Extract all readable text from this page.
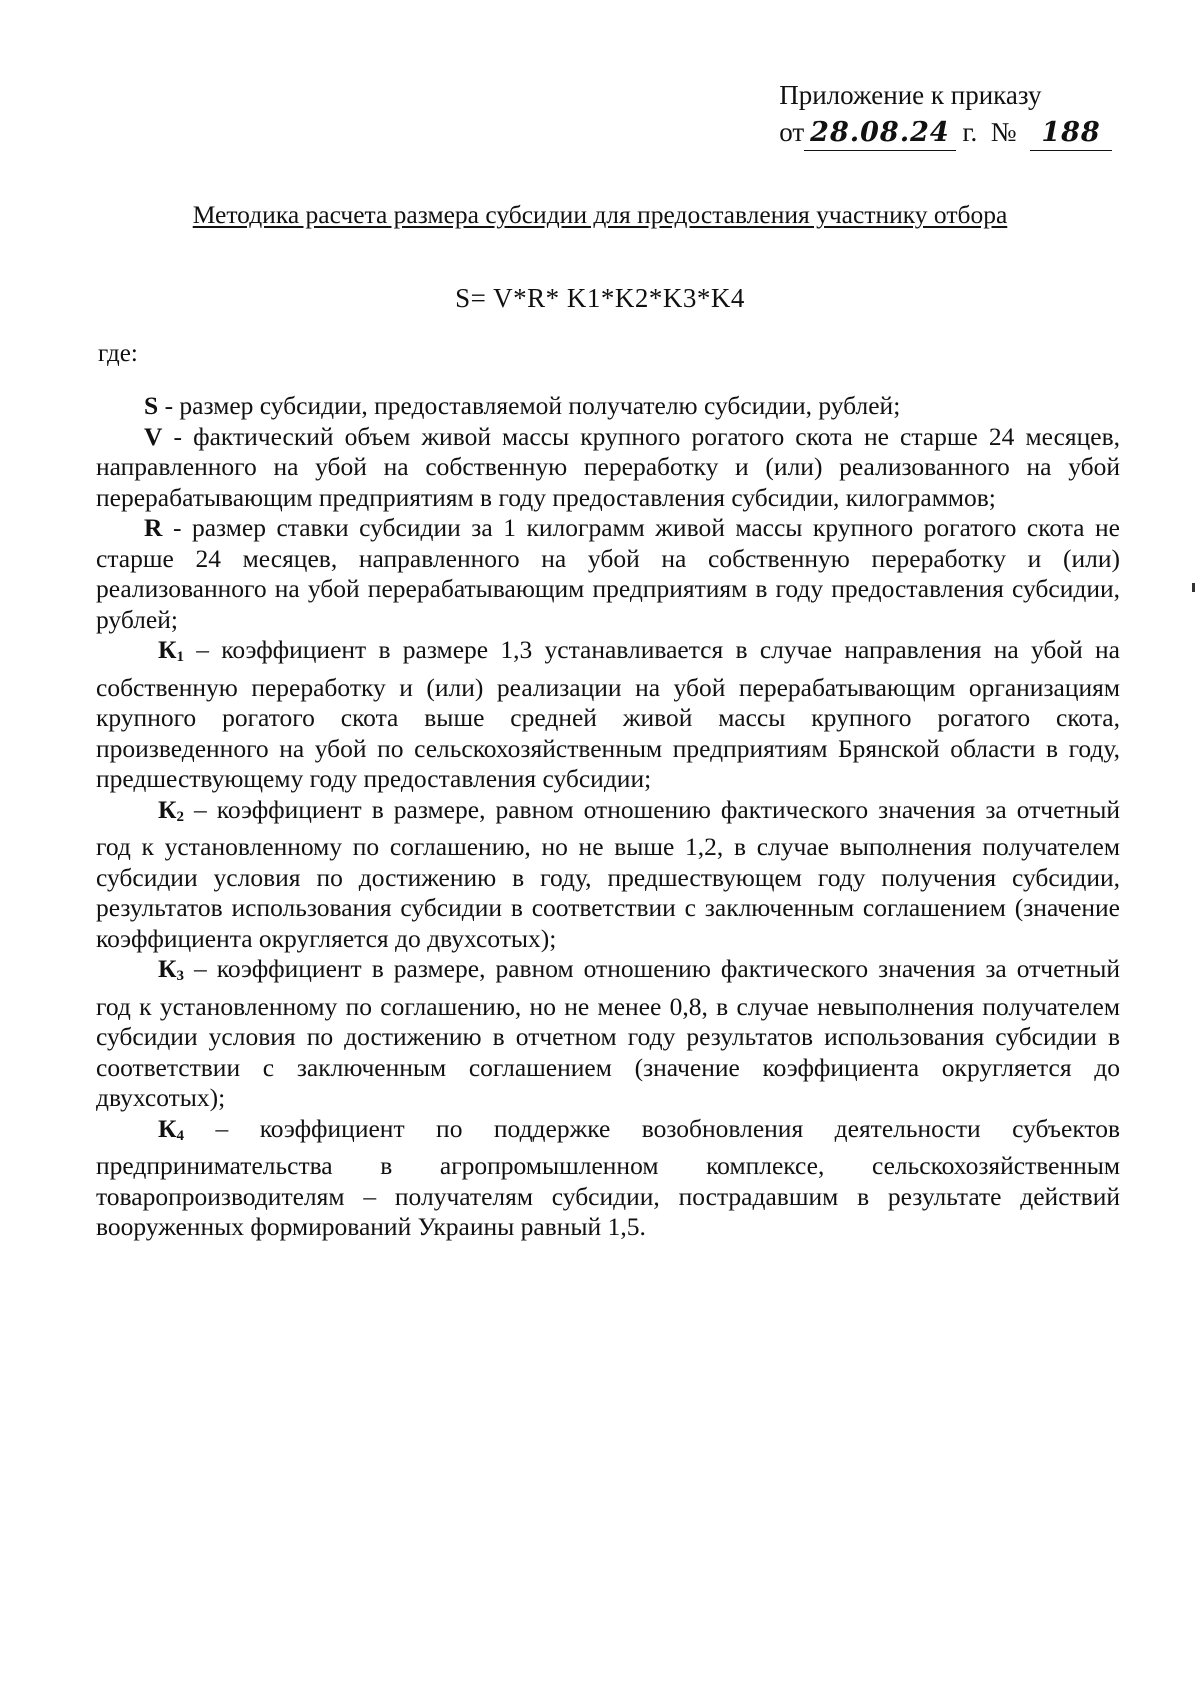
Приложение к приказу
от 28.08.24 г. № 188
Методика расчета размера субсидии для предоставления участнику отбора
S= V*R* K1*K2*K3*K4
где:

S - размер субсидии, предоставляемой получателю субсидии, рублей;

V - фактический объем живой массы крупного рогатого скота не старше 24 месяцев, направленного на убой на собственную переработку и (или) реализованного на убой перерабатывающим предприятиям в году предоставления субсидии, килограммов;

R - размер ставки субсидии за 1 килограмм живой массы крупного рогатого скота не старше 24 месяцев, направленного на убой на собственную переработку и (или) реализованного на убой перерабатывающим предприятиям в году предоставления субсидии, рублей;

$К_1$ – коэффициент в размере 1,3 устанавливается в случае направления на убой на собственную переработку и (или) реализации на убой перерабатывающим организациям крупного рогатого скота выше средней живой массы крупного рогатого скота, произведенного на убой по сельскохозяйственным предприятиям Брянской области в году, предшествующему году предоставления субсидии;

$К_2$ – коэффициент в размере, равном отношению фактического значения за отчетный год к установленному по соглашению, но не выше 1,2, в случае выполнения получателем субсидии условия по достижению в году, предшествующем году получения субсидии, результатов использования субсидии в соответствии с заключенным соглашением (значение коэффициента округляется до двухсотых);

$К_3$ – коэффициент в размере, равном отношению фактического значения за отчетный год к установленному по соглашению, но не менее 0,8, в случае невыполнения получателем субсидии условия по достижению в отчетном году результатов использования субсидии в соответствии с заключенным соглашением (значение коэффициента округляется до двухсотых);

$К_4$ – коэффициент по поддержке возобновления деятельности субъектов предпринимательства в агропромышленном комплексе, сельскохозяйственным товаропроизводителям – получателям субсидии, пострадавшим в результате действий вооруженных формирований Украины равный 1,5.
